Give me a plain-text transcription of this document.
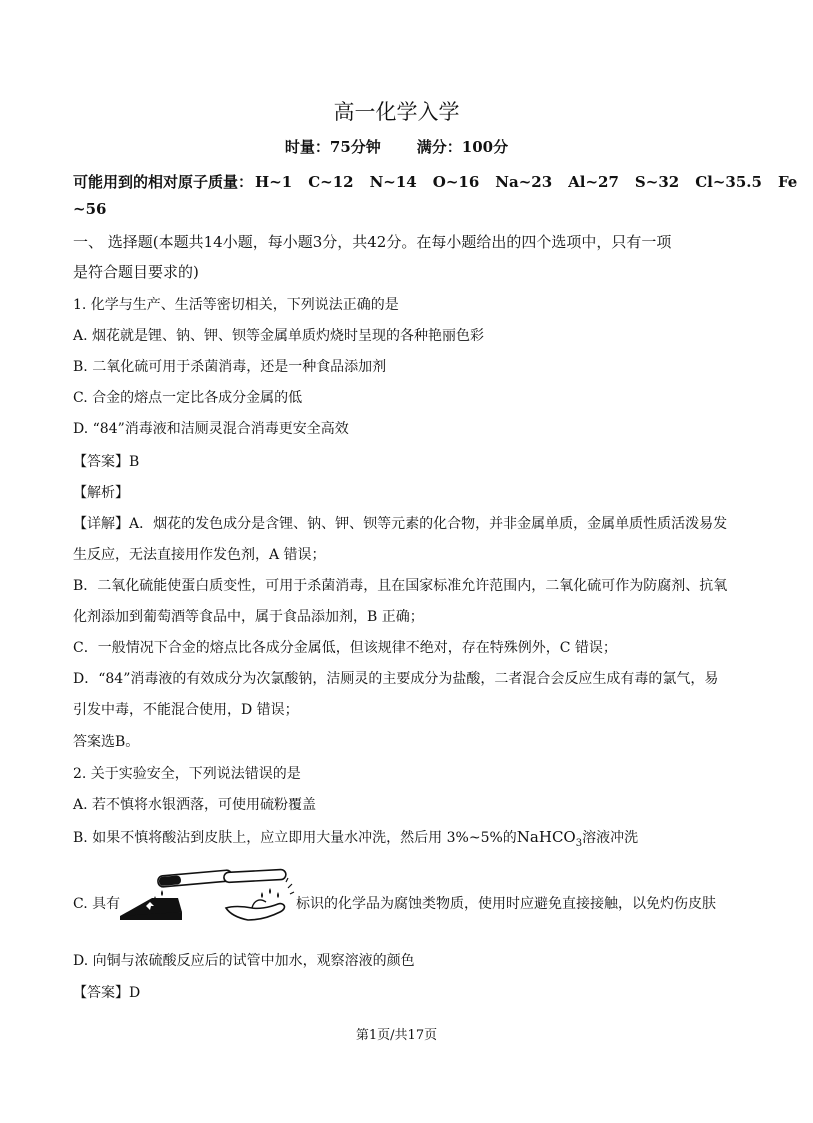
高一化学入学
时量：75分钟 满分：100分
可能用到的相对原子质量： H~1 C~12 N~14 O~16 Na~23 Al~27 S~32 Cl~35.5 Fe
~56
一、 选择题(本题共14小题，每小题3分，共42分。在每小题给出的四个选项中，只有一项
是符合题目要求的)
1. 化学与生产、生活等密切相关，下列说法正确的是
A. 烟花就是锂、钠、钾、钡等金属单质灼烧时呈现的各种艳丽色彩
B. 二氧化硫可用于杀菌消毒，还是一种食品添加剂
C. 合金的熔点一定比各成分金属的低
D. “84”消毒液和洁厕灵混合消毒更安全高效
【答案】B
【解析】
【详解】A．烟花的发色成分是含锂、钠、钾、钡等元素的化合物，并非金属单质，金属单质性质活泼易发
生反应，无法直接用作发色剂，A 错误；
B．二氧化硫能使蛋白质变性，可用于杀菌消毒，且在国家标准允许范围内，二氧化硫可作为防腐剂、抗氧
化剂添加到葡萄酒等食品中，属于食品添加剂，B 正确；
C．一般情况下合金的熔点比各成分金属低，但该规律不绝对，存在特殊例外，C 错误；
D．“84”消毒液的有效成分为次氯酸钠，洁厕灵的主要成分为盐酸，二者混合会反应生成有毒的氯气，易
引发中毒，不能混合使用，D 错误；
答案选B。
2. 关于实验安全，下列说法错误的是
A. 若不慎将水银洒落，可使用硫粉覆盖
B. 如果不慎将酸沾到皮肤上，应立即用大量水冲洗，然后用 3%~5%的NaHCO$_3$溶液冲洗
C. 具有	标识的化学品为腐蚀类物质，使用时应避免直接接触，以免灼伤皮肤
D. 向铜与浓硫酸反应后的试管中加水，观察溶液的颜色
【答案】D
第1页/共17页
